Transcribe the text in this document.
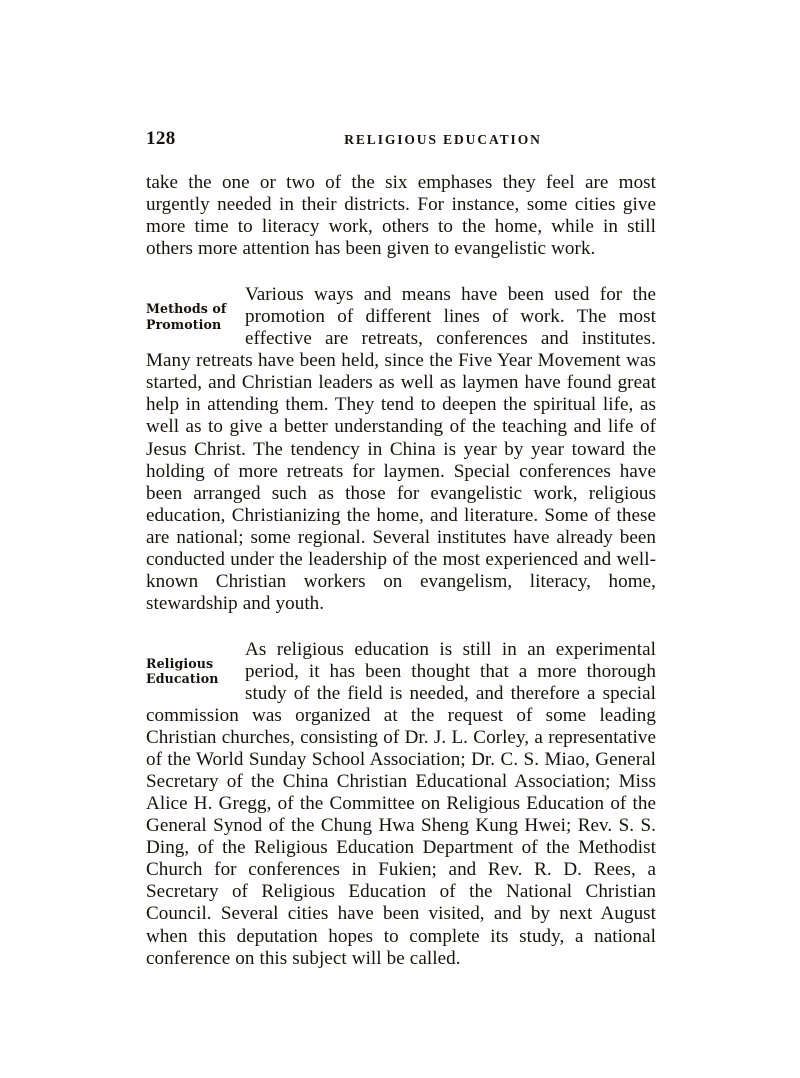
128	RELIGIOUS EDUCATION

take the one or two of the six emphases they feel are most urgently needed in their districts. For instance, some cities give more time to literacy work, others to the home, while in still others more attention has been given to evangelistic work.

Methods of
Promotion

Various ways and means have been used for the promotion of different lines of work. The most effective are retreats, conferences and institutes. Many retreats have been held, since the Five Year Movement was started, and Christian leaders as well as laymen have found great help in attending them. They tend to deepen the spiritual life, as well as to give a better understanding of the teaching and life of Jesus Christ. The tendency in China is year by year toward the holding of more retreats for laymen. Special conferences have been arranged such as those for evangelistic work, religious education, Christianizing the home, and literature. Some of these are national; some regional. Several institutes have already been conducted under the leadership of the most experienced and well-known Christian workers on evangelism, literacy, home, stewardship and youth.

Religious
Education

As religious education is still in an experimental period, it has been thought that a more thorough study of the field is needed, and therefore a special commission was organized at the request of some leading Christian churches, consisting of Dr. J. L. Corley, a representative of the World Sunday School Association; Dr. C. S. Miao, General Secretary of the China Christian Educational Association; Miss Alice H. Gregg, of the Committee on Religious Education of the General Synod of the Chung Hwa Sheng Kung Hwei; Rev. S. S. Ding, of the Religious Education Department of the Methodist Church for conferences in Fukien; and Rev. R. D. Rees, a Secretary of Religious Education of the National Christian Council. Several cities have been visited, and by next August when this deputation hopes to complete its study, a national conference on this subject will be called.
